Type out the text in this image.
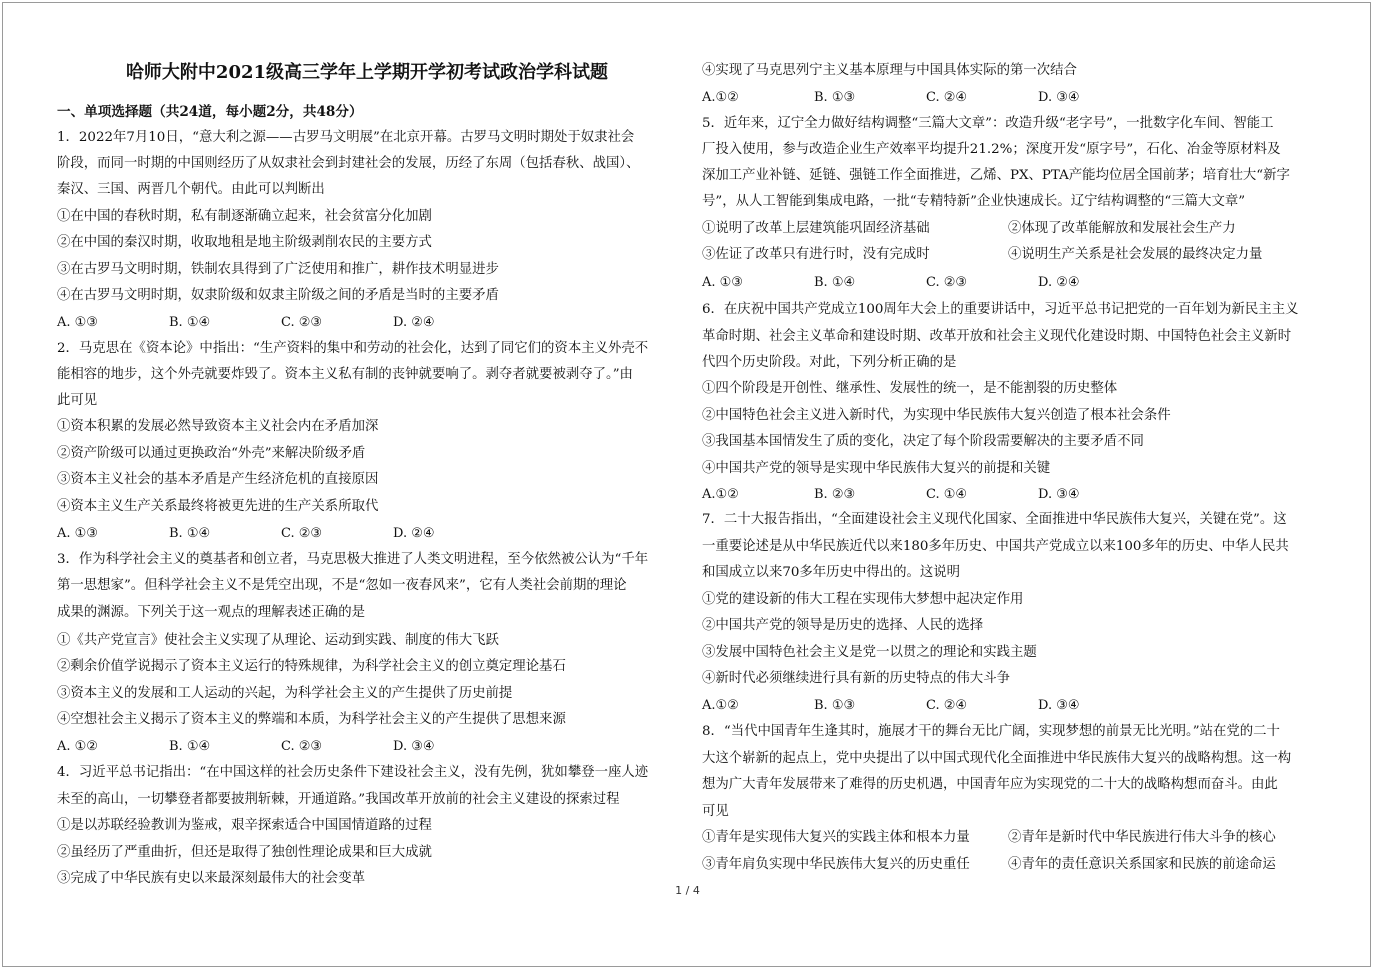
哈师大附中2021级高三学年上学期开学初考试政治学科试题
一、单项选择题（共24道，每小题2分，共48分）
1．2022年7月10日，“意大利之源——古罗马文明展”在北京开幕。古罗马文明时期处于奴隶社会
阶段，而同一时期的中国则经历了从奴隶社会到封建社会的发展，历经了东周（包括春秋、战国）、
秦汉、三国、两晋几个朝代。由此可以判断出
①在中国的春秋时期，私有制逐渐确立起来，社会贫富分化加剧
②在中国的秦汉时期，收取地租是地主阶级剥削农民的主要方式
③在古罗马文明时期，铁制农具得到了广泛使用和推广，耕作技术明显进步
④在古罗马文明时期，奴隶阶级和奴隶主阶级之间的矛盾是当时的主要矛盾
A. ①③	B. ①④	C. ②③	D. ②④
2．马克思在《资本论》中指出：“生产资料的集中和劳动的社会化，达到了同它们的资本主义外壳不
能相容的地步，这个外壳就要炸毁了。资本主义私有制的丧钟就要响了。剥夺者就要被剥夺了。”由
此可见
①资本积累的发展必然导致资本主义社会内在矛盾加深
②资产阶级可以通过更换政治“外壳”来解决阶级矛盾
③资本主义社会的基本矛盾是产生经济危机的直接原因
④资本主义生产关系最终将被更先进的生产关系所取代
A. ①③	B. ①④	C. ②③	D. ②④
3．作为科学社会主义的奠基者和创立者，马克思极大推进了人类文明进程，至今依然被公认为“千年
第一思想家”。但科学社会主义不是凭空出现，不是“忽如一夜春风来”，它有人类社会前期的理论
成果的渊源。下列关于这一观点的理解表述正确的是
①《共产党宣言》使社会主义实现了从理论、运动到实践、制度的伟大飞跃
②剩余价值学说揭示了资本主义运行的特殊规律，为科学社会主义的创立奠定理论基石
③资本主义的发展和工人运动的兴起，为科学社会主义的产生提供了历史前提
④空想社会主义揭示了资本主义的弊端和本质，为科学社会主义的产生提供了思想来源
A. ①②	B. ①④	C. ②③	D. ③④
4．习近平总书记指出：“在中国这样的社会历史条件下建设社会主义，没有先例，犹如攀登一座人迹
未至的高山，一切攀登者都要披荆斩棘，开通道路。”我国改革开放前的社会主义建设的探索过程
①是以苏联经验教训为鉴戒，艰辛探索适合中国国情道路的过程
②虽经历了严重曲折，但还是取得了独创性理论成果和巨大成就
③完成了中华民族有史以来最深刻最伟大的社会变革
④实现了马克思列宁主义基本原理与中国具体实际的第一次结合
A.①②	B. ①③	C. ②④	D. ③④
5．近年来，辽宁全力做好结构调整“三篇大文章”：改造升级“老字号”，一批数字化车间、智能工
厂投入使用，参与改造企业生产效率平均提升21.2%；深度开发“原字号”，石化、冶金等原材料及
深加工产业补链、延链、强链工作全面推进，乙烯、PX、PTA产能均位居全国前茅；培育壮大“新字
号”，从人工智能到集成电路，一批“专精特新”企业快速成长。辽宁结构调整的“三篇大文章”
①说明了改革上层建筑能巩固经济基础	②体现了改革能解放和发展社会生产力
③佐证了改革只有进行时，没有完成时	④说明生产关系是社会发展的最终决定力量
A. ①③	B. ①④	C. ②③	D. ②④
6．在庆祝中国共产党成立100周年大会上的重要讲话中，习近平总书记把党的一百年划为新民主主义
革命时期、社会主义革命和建设时期、改革开放和社会主义现代化建设时期、中国特色社会主义新时
代四个历史阶段。对此，下列分析正确的是
①四个阶段是开创性、继承性、发展性的统一，是不能割裂的历史整体
②中国特色社会主义进入新时代，为实现中华民族伟大复兴创造了根本社会条件
③我国基本国情发生了质的变化，决定了每个阶段需要解决的主要矛盾不同
④中国共产党的领导是实现中华民族伟大复兴的前提和关键
A.①②	B. ②③	C. ①④	D. ③④
7．二十大报告指出，“全面建设社会主义现代化国家、全面推进中华民族伟大复兴，关键在党”。这
一重要论述是从中华民族近代以来180多年历史、中国共产党成立以来100多年的历史、中华人民共
和国成立以来70多年历史中得出的。这说明
①党的建设新的伟大工程在实现伟大梦想中起决定作用
②中国共产党的领导是历史的选择、人民的选择
③发展中国特色社会主义是党一以贯之的理论和实践主题
④新时代必须继续进行具有新的历史特点的伟大斗争
A.①②	B. ①③	C. ②④	D. ③④
8．“当代中国青年生逢其时，施展才干的舞台无比广阔，实现梦想的前景无比光明。”站在党的二十
大这个崭新的起点上，党中央提出了以中国式现代化全面推进中华民族伟大复兴的战略构想。这一构
想为广大青年发展带来了难得的历史机遇，中国青年应为实现党的二十大的战略构想而奋斗。由此
可见
①青年是实现伟大复兴的实践主体和根本力量	②青年是新时代中华民族进行伟大斗争的核心
③青年肩负实现中华民族伟大复兴的历史重任	④青年的责任意识关系国家和民族的前途命运
1 / 4
